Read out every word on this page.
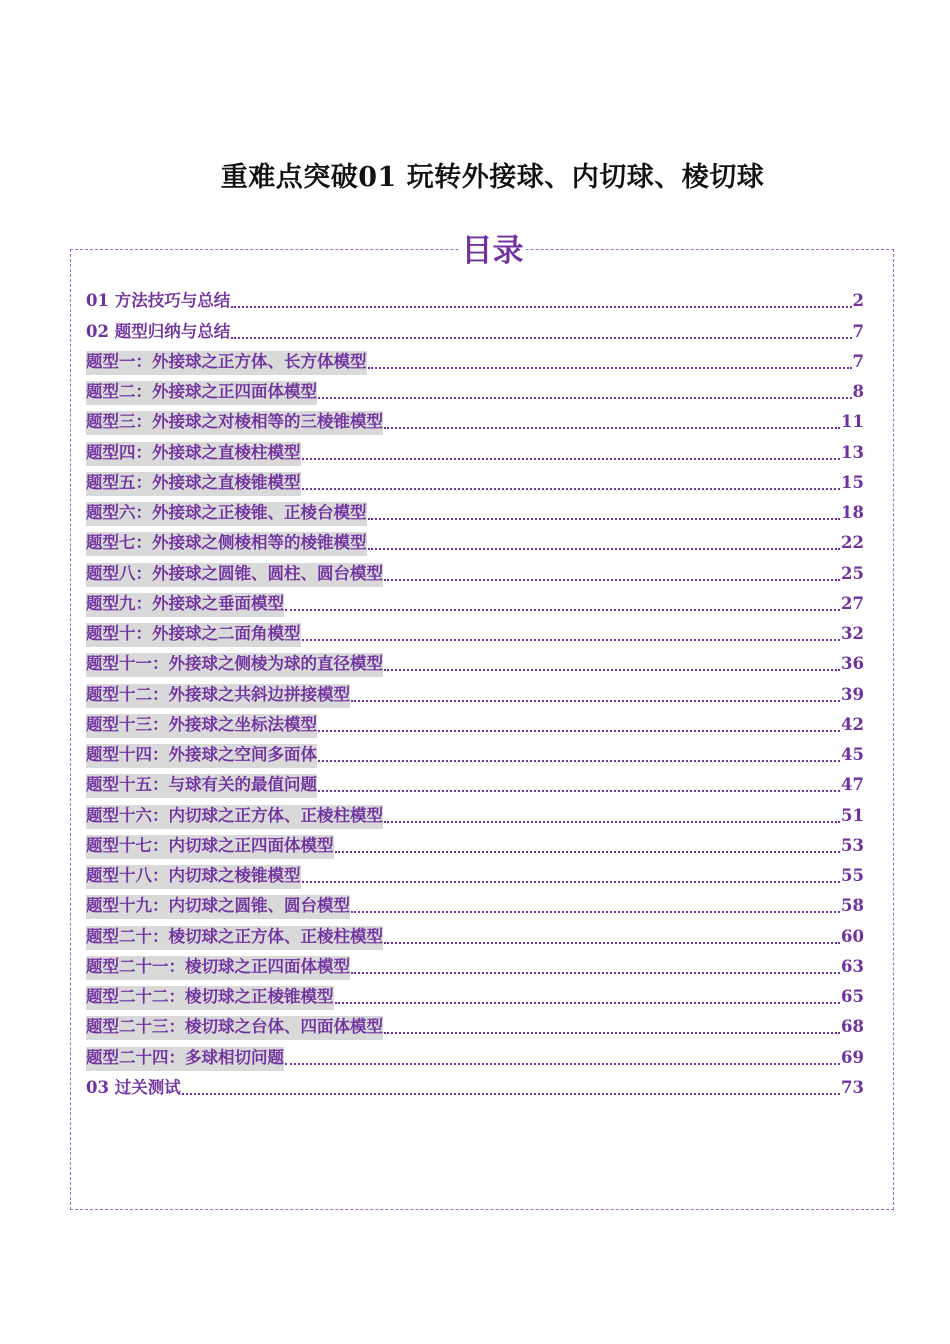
重难点突破01 玩转外接球、内切球、棱切球
目录
01 方法技巧与总结	2
02 题型归纳与总结	7
题型一：外接球之正方体、长方体模型	7
题型二：外接球之正四面体模型	8
题型三：外接球之对棱相等的三棱锥模型	11
题型四：外接球之直棱柱模型	13
题型五：外接球之直棱锥模型	15
题型六：外接球之正棱锥、正棱台模型	18
题型七：外接球之侧棱相等的棱锥模型	22
题型八：外接球之圆锥、圆柱、圆台模型	25
题型九：外接球之垂面模型	27
题型十：外接球之二面角模型	32
题型十一：外接球之侧棱为球的直径模型	36
题型十二：外接球之共斜边拼接模型	39
题型十三：外接球之坐标法模型	42
题型十四：外接球之空间多面体	45
题型十五：与球有关的最值问题	47
题型十六：内切球之正方体、正棱柱模型	51
题型十七：内切球之正四面体模型	53
题型十八：内切球之棱锥模型	55
题型十九：内切球之圆锥、圆台模型	58
题型二十：棱切球之正方体、正棱柱模型	60
题型二十一：棱切球之正四面体模型	63
题型二十二：棱切球之正棱锥模型	65
题型二十三：棱切球之台体、四面体模型	68
题型二十四：多球相切问题	69
03 过关测试	73
